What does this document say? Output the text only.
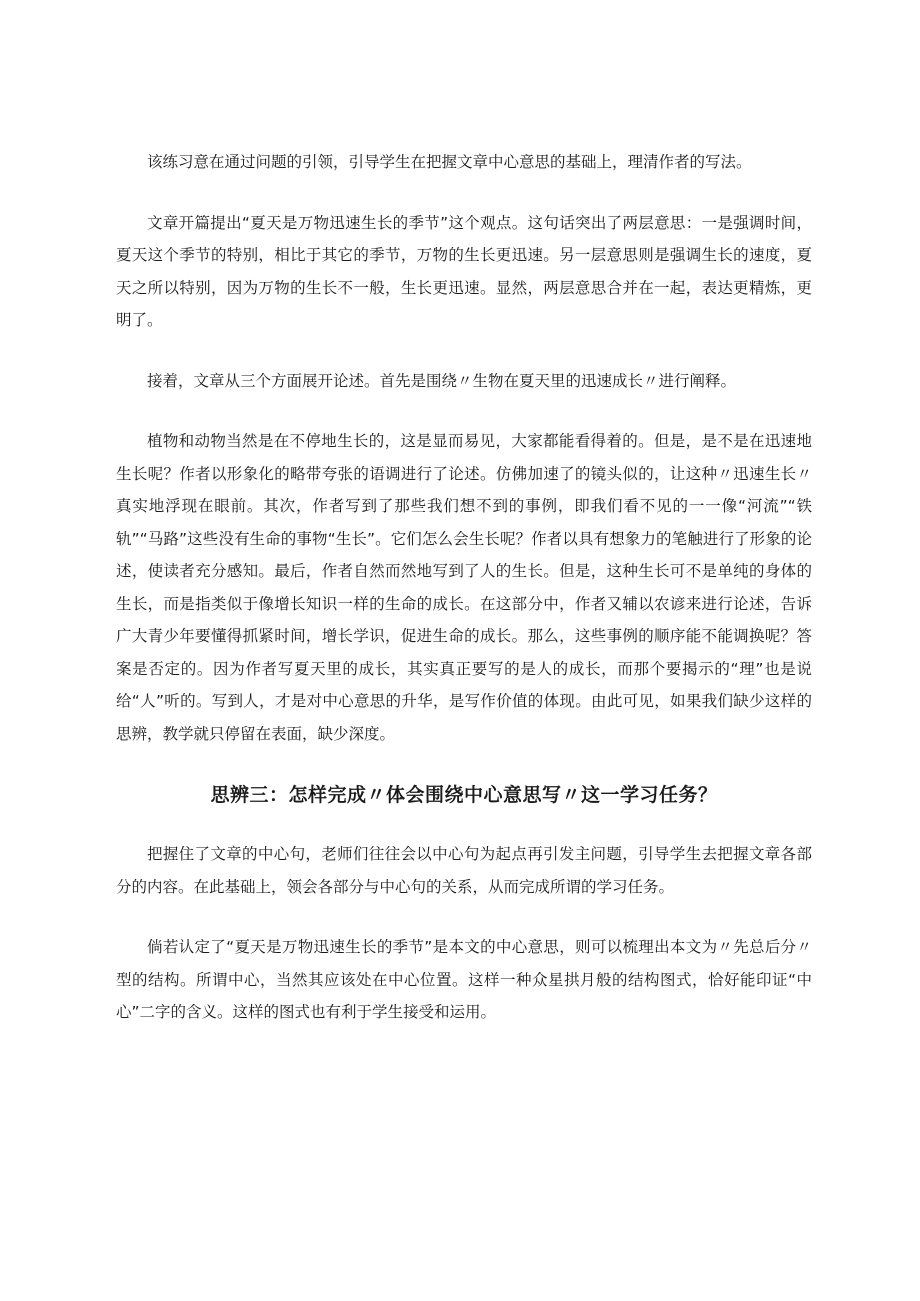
该练习意在通过问题的引领，引导学生在把握文章中心意思的基础上，理清作者的写法。

文章开篇提出“夏天是万物迅速生长的季节”这个观点。这句话突出了两层意思：一是强调时间，夏天这个季节的特别，相比于其它的季节，万物的生长更迅速。另一层意思则是强调生长的速度，夏天之所以特别，因为万物的生长不一般，生长更迅速。显然，两层意思合并在一起，表达更精炼，更明了。

接着，文章从三个方面展开论述。首先是围绕〃生物在夏天里的迅速成长〃进行阐释。

植物和动物当然是在不停地生长的，这是显而易见，大家都能看得着的。但是，是不是在迅速地生长呢？作者以形象化的略带夸张的语调进行了论述。仿佛加速了的镜头似的，让这种〃迅速生长〃真实地浮现在眼前。其次，作者写到了那些我们想不到的事例，即我们看不见的一一像“河流”“铁轨”“马路”这些没有生命的事物“生长”。它们怎么会生长呢？作者以具有想象力的笔触进行了形象的论述，使读者充分感知。最后，作者自然而然地写到了人的生长。但是，这种生长可不是单纯的身体的生长，而是指类似于像增长知识一样的生命的成长。在这部分中，作者又辅以农谚来进行论述，告诉广大青少年要懂得抓紧时间，增长学识，促进生命的成长。那么，这些事例的顺序能不能调换呢？答案是否定的。因为作者写夏天里的成长，其实真正要写的是人的成长，而那个要揭示的“理”也是说给“人”听的。写到人，才是对中心意思的升华，是写作价值的体现。由此可见，如果我们缺少这样的思辨，教学就只停留在表面，缺少深度。

思辨三：怎样完成〃体会围绕中心意思写〃这一学习任务？

把握住了文章的中心句，老师们往往会以中心句为起点再引发主问题，引导学生去把握文章各部分的内容。在此基础上，领会各部分与中心句的关系，从而完成所谓的学习任务。

倘若认定了“夏天是万物迅速生长的季节”是本文的中心意思，则可以梳理出本文为〃先总后分〃型的结构。所谓中心，当然其应该处在中心位置。这样一种众星拱月般的结构图式，恰好能印证“中心”二字的含义。这样的图式也有利于学生接受和运用。
